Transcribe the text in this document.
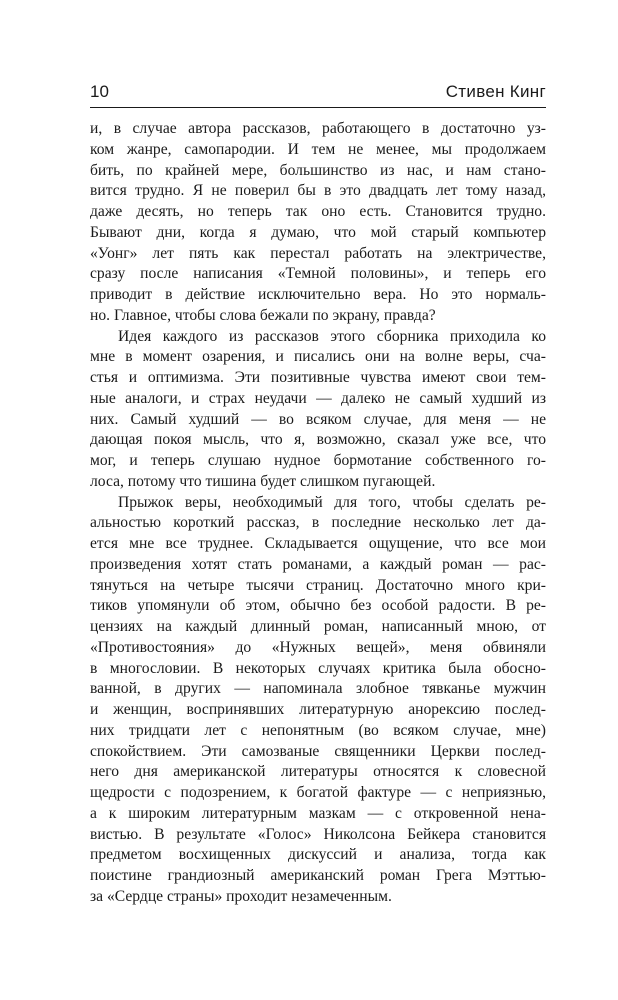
10	Стивен Кинг

и, в случае автора рассказов, работающего в достаточно уз-
ком жанре, самопародии. И тем не менее, мы продолжаем
бить, по крайней мере, большинство из нас, и нам стано-
вится трудно. Я не поверил бы в это двадцать лет тому назад,
даже десять, но теперь так оно есть. Становится трудно.
Бывают дни, когда я думаю, что мой старый компьютер
«Уонг» лет пять как перестал работать на электричестве,
сразу после написания «Темной половины», и теперь его
приводит в действие исключительно вера. Но это нормаль-
но. Главное, чтобы слова бежали по экрану, правда?

Идея каждого из рассказов этого сборника приходила ко
мне в момент озарения, и писались они на волне веры, сча-
стья и оптимизма. Эти позитивные чувства имеют свои тем-
ные аналоги, и страх неудачи — далеко не самый худший из
них. Самый худший — во всяком случае, для меня — не
дающая покоя мысль, что я, возможно, сказал уже все, что
мог, и теперь слушаю нудное бормотание собственного го-
лоса, потому что тишина будет слишком пугающей.

Прыжок веры, необходимый для того, чтобы сделать ре-
альностью короткий рассказ, в последние несколько лет да-
ется мне все труднее. Складывается ощущение, что все мои
произведения хотят стать романами, а каждый роман — рас-
тянуться на четыре тысячи страниц. Достаточно много кри-
тиков упомянули об этом, обычно без особой радости. В ре-
цензиях на каждый длинный роман, написанный мною, от
«Противостояния» до «Нужных вещей», меня обвиняли
в многословии. В некоторых случаях критика была обосно-
ванной, в других — напоминала злобное тявканье мужчин
и женщин, воспринявших литературную анорексию послед-
них тридцати лет с непонятным (во всяком случае, мне)
спокойствием. Эти самозваные священники Церкви послед-
него дня американской литературы относятся к словесной
щедрости с подозрением, к богатой фактуре — с неприязнью,
а к широким литературным мазкам — с откровенной нена-
вистью. В результате «Голос» Николсона Бейкера становится
предметом восхищенных дискуссий и анализа, тогда как
поистине грандиозный американский роман Грега Мэттью-
за «Сердце страны» проходит незамеченным.
